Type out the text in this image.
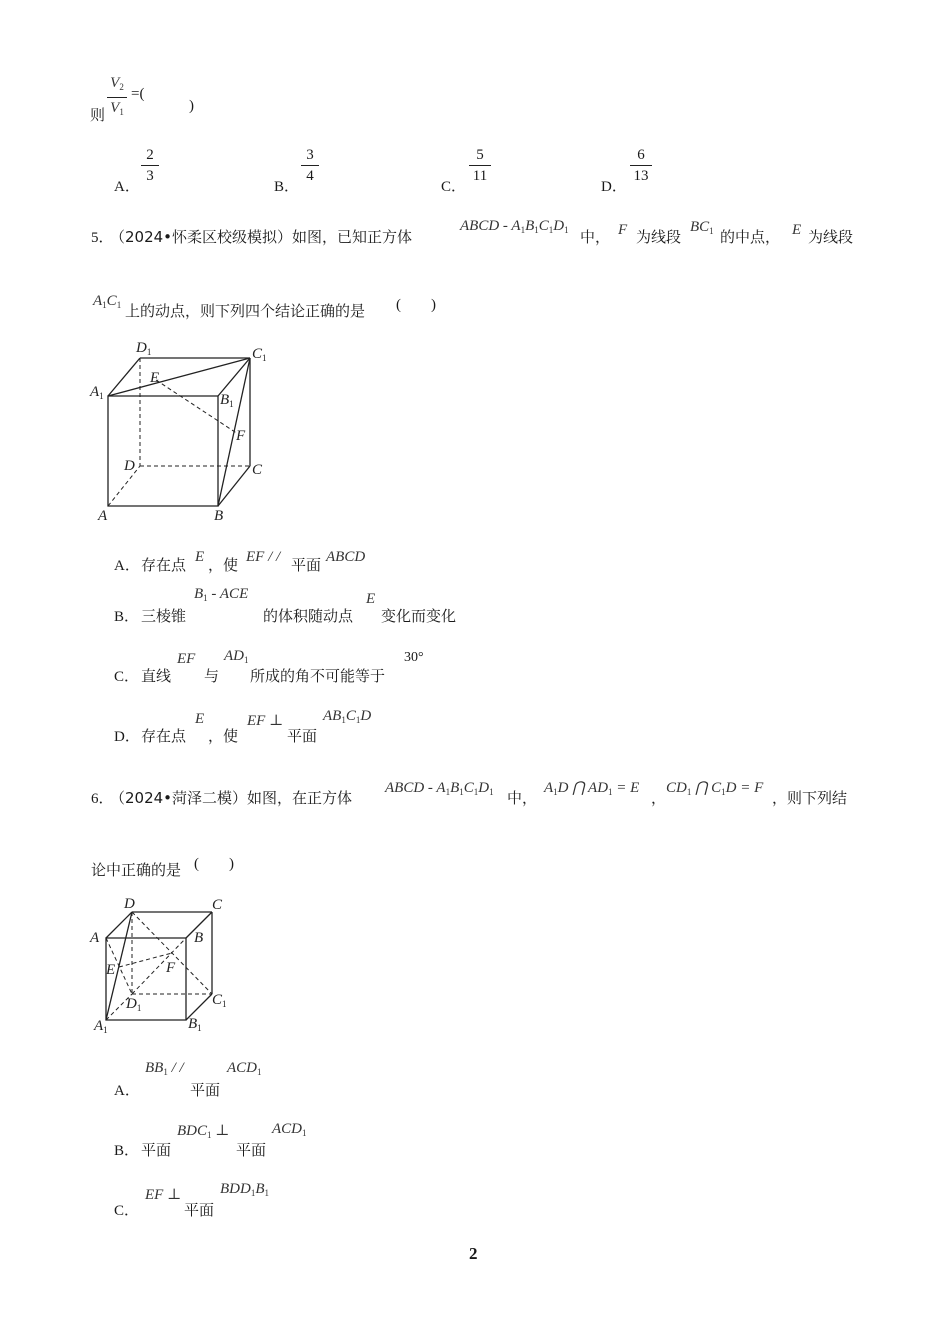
则
$V_2$
$V_1$
=(
)
A．
2
3
B．
3
4
C．
5
11
D．
6
13
5．
（2024•怀柔区校级模拟）如图，已知正方体
ABCD - $A_1B_1C_1D_1$ 中， F 为线段
$BC_1$ 的中点， E 为线段
$A_1C_1$ 上的动点，则下列四个结论正确的是 (　　)
$D_1$	$C_1$
$A_1$
E
$B_1$
F
D	C
A	B
A． 存在点 E ，使 EF / / 平面 ABCD
B． 三棱锥
$B_1$ - ACE
的体积随动点
E
变化而变化
C． 直线
EF
与
$AD_1$
所成的角不可能等于
30°
D． 存在点
E
，使
EF ⊥
平面
$AB_1C_1D$
6．
（2024•菏泽二模）如图，在正方体
ABCD - $A_1B_1C_1D_1$ 中，
$A_1D$ ⋂ $AD_1 = E$
，
$CD_1$ ⋂ $C_1D = F$
，则下列结
论中正确的是 (　　)
D	C
A	B
E	F
$D_1$	$C_1$
$A_1$	$B_1$
A．
$BB_1$ / /
平面
$ACD_1$
B． 平面
$BDC_1$ ⊥
平面
$ACD_1$
C．
EF ⊥
平面
$BDD_1B_1$
2
